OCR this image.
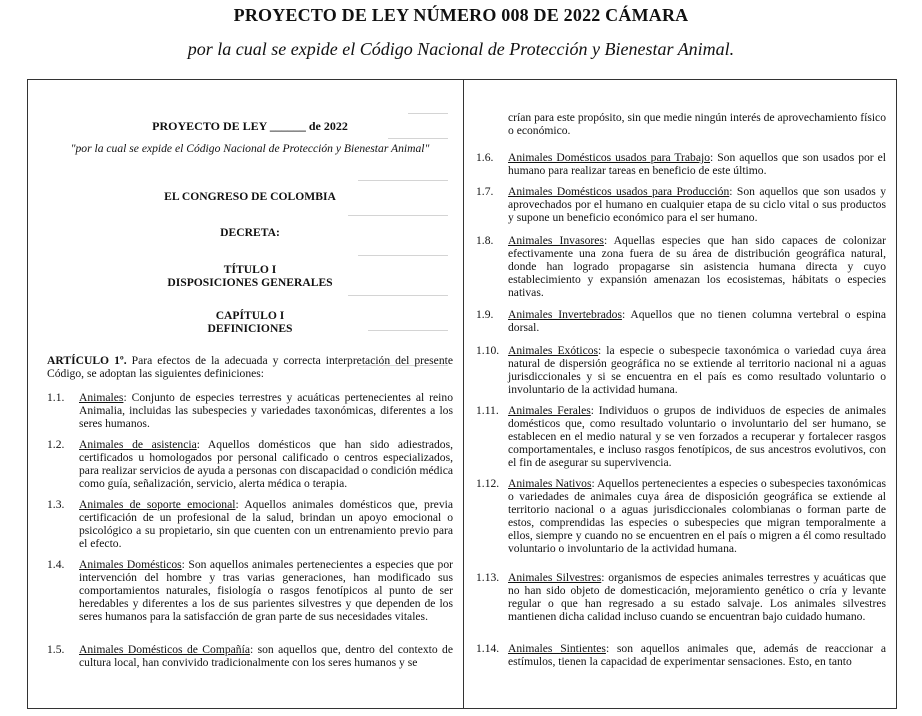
PROYECTO DE LEY NÚMERO 008 DE 2022 CÁMARA
por la cual se expide el Código Nacional de Protección y Bienestar Animal.
PROYECTO DE LEY ______ de 2022
"por la cual se expide el Código Nacional de Protección y Bienestar Animal"
EL CONGRESO DE COLOMBIA
DECRETA:
TÍTULO I
DISPOSICIONES GENERALES
CAPÍTULO I
DEFINICIONES
ARTÍCULO 1º. Para efectos de la adecuada y correcta interpretación del presente Código, se adoptan las siguientes definiciones:
1.1.	Animales: Conjunto de especies terrestres y acuáticas pertenecientes al reino Animalia, incluidas las subespecies y variedades taxonómicas, diferentes a los seres humanos.
1.2.	Animales de asistencia: Aquellos domésticos que han sido adiestrados, certificados u homologados por personal calificado o centros especializados, para realizar servicios de ayuda a personas con discapacidad o condición médica como guía, señalización, servicio, alerta médica o terapia.
1.3.	Animales de soporte emocional: Aquellos animales domésticos que, previa certificación de un profesional de la salud, brindan un apoyo emocional o psicológico a su propietario, sin que cuenten con un entrenamiento previo para el efecto.
1.4.	Animales Domésticos: Son aquellos animales pertenecientes a especies que por intervención del hombre y tras varias generaciones, han modificado sus comportamientos naturales, fisiología o rasgos fenotípicos al punto de ser heredables y diferentes a los de sus parientes silvestres y que dependen de los seres humanos para la satisfacción de gran parte de sus necesidades vitales.
1.5.	Animales Domésticos de Compañía: son aquellos que, dentro del contexto de cultura local, han convivido tradicionalmente con los seres humanos y se
crían para este propósito, sin que medie ningún interés de aprovechamiento físico o económico.
1.6.	Animales Domésticos usados para Trabajo: Son aquellos que son usados por el humano para realizar tareas en beneficio de este último.
1.7.	Animales Domésticos usados para Producción: Son aquellos que son usados y aprovechados por el humano en cualquier etapa de su ciclo vital o sus productos y supone un beneficio económico para el ser humano.
1.8.	Animales Invasores: Aquellas especies que han sido capaces de colonizar efectivamente una zona fuera de su área de distribución geográfica natural, donde han logrado propagarse sin asistencia humana directa y cuyo establecimiento y expansión amenazan los ecosistemas, hábitats o especies nativas.
1.9.	Animales Invertebrados: Aquellos que no tienen columna vertebral o espina dorsal.
1.10. Animales Exóticos: la especie o subespecie taxonómica o variedad cuya área natural de dispersión geográfica no se extiende al territorio nacional ni a aguas jurisdiccionales y si se encuentra en el país es como resultado voluntario o involuntario de la actividad humana.
1.11. Animales Ferales: Individuos o grupos de individuos de especies de animales domésticos que, como resultado voluntario o involuntario del ser humano, se establecen en el medio natural y se ven forzados a recuperar y fortalecer rasgos comportamentales, e incluso rasgos fenotípicos, de sus ancestros evolutivos, con el fin de asegurar su supervivencia.
1.12. Animales Nativos: Aquellos pertenecientes a especies o subespecies taxonómicas o variedades de animales cuya área de disposición geográfica se extiende al territorio nacional o a aguas jurisdiccionales colombianas o forman parte de estos, comprendidas las especies o subespecies que migran temporalmente a ellos, siempre y cuando no se encuentren en el país o migren a él como resultado voluntario o involuntario de la actividad humana.
1.13. Animales Silvestres: organismos de especies animales terrestres y acuáticas que no han sido objeto de domesticación, mejoramiento genético o cría y levante regular o que han regresado a su estado salvaje. Los animales silvestres mantienen dicha calidad incluso cuando se encuentran bajo cuidado humano.
1.14. Animales Sintientes: son aquellos animales que, además de reaccionar a estímulos, tienen la capacidad de experimentar sensaciones. Esto, en tanto
